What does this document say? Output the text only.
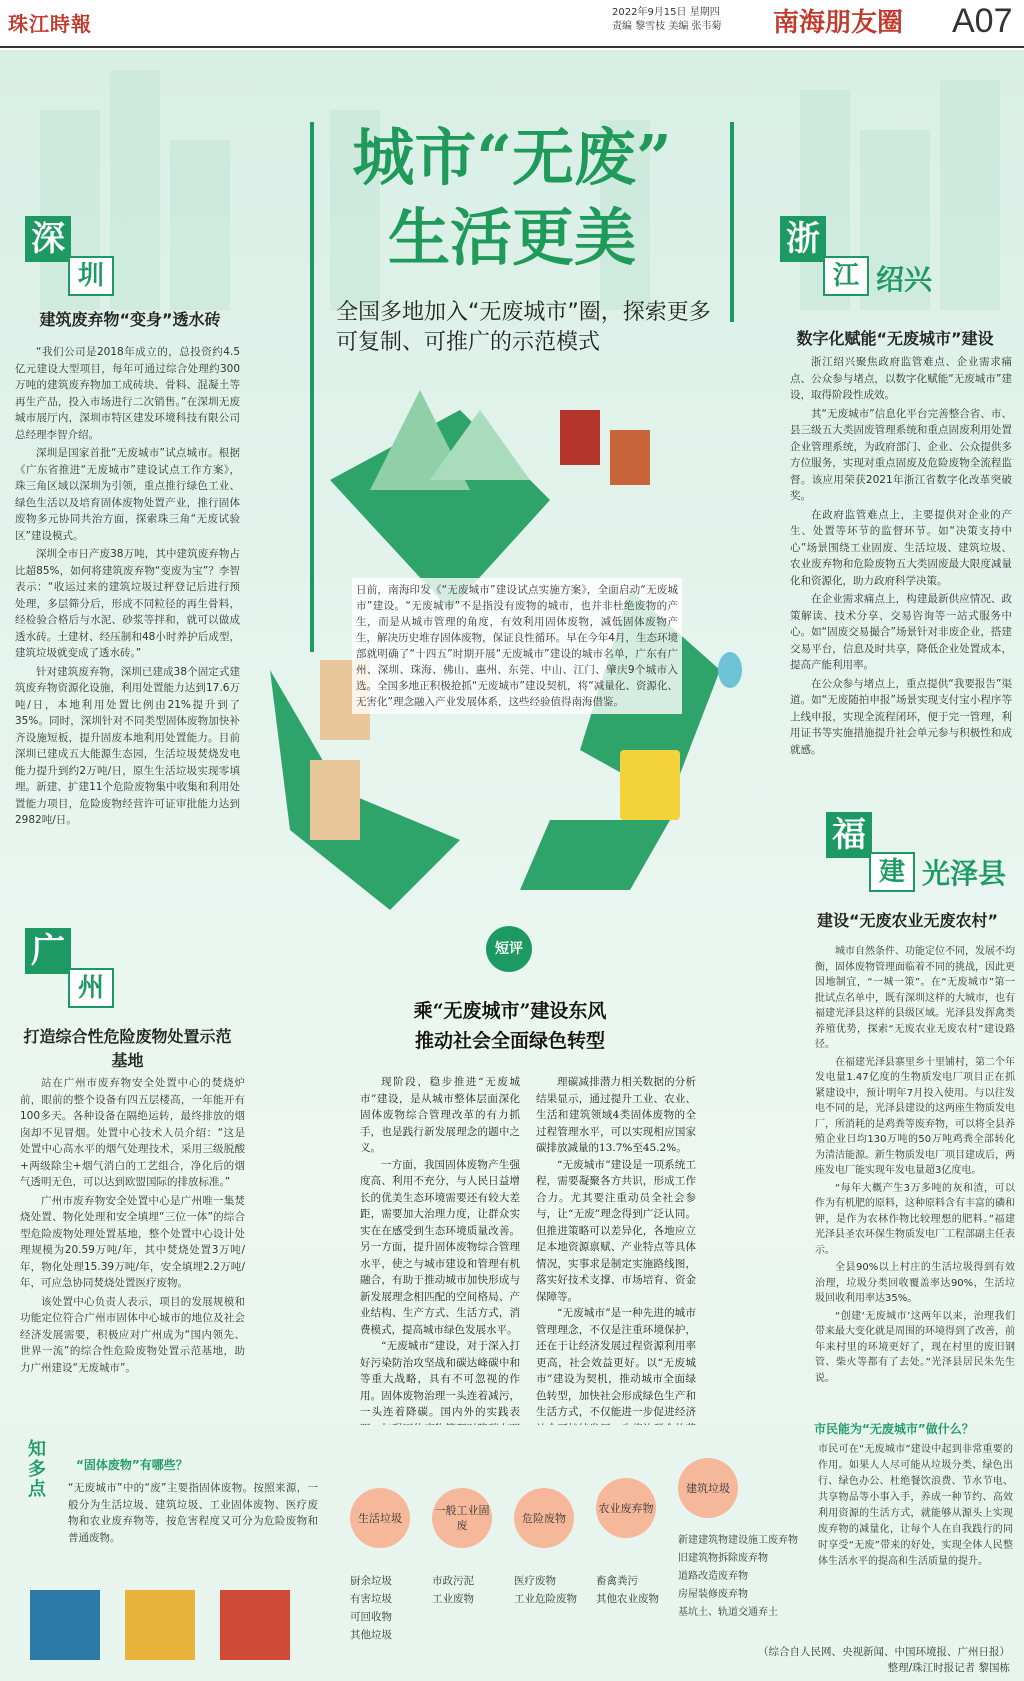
珠江時報	2022年9月15日 星期四
责编 黎雪枝 美编 张韦菊	南海朋友圈 A07
城市“无废”
生活更美
全国多地加入“无废城市”圈，探索更多可复制、可推广的示范模式
深
圳
建筑废弃物“变身”透水砖

“我们公司是2018年成立的，总投资约4.5亿元建设大型项目，每年可通过综合处理约300万吨的建筑废弃物加工成砖块、骨料、混凝土等再生产品，投入市场进行二次销售。”在深圳无废城市展厅内，深圳市特区建发环境科技有限公司总经理李智介绍。

深圳是国家首批“无废城市”试点城市。根据《广东省推进“无废城市”建设试点工作方案》，珠三角区域以深圳为引领，重点推行绿色工业、绿色生活以及培育固体废物处置产业，推行固体废物多元协同共治方面，探索珠三角“无废试验区”建设模式。

深圳全市日产废38万吨，其中建筑废弃物占比超85%，如何将建筑废弃物“变废为宝”？李智表示：“收运过来的建筑垃圾过秤登记后进行预处理，多层筛分后，形成不同粒径的再生骨料，经检验合格后与水泥、砂浆等拌和，就可以做成透水砖。土建材、经压制和48小时养护后成型，建筑垃圾就变成了透水砖。”

针对建筑废弃物，深圳已建成38个固定式建筑废弃物资源化设施，利用处置能力达到17.6万吨/日，本地利用处置比例由21%提升到了35%。同时，深圳针对不同类型固体废物加快补齐设施短板，提升固废本地利用处置能力。目前深圳已建成五大能源生态园，生活垃圾焚烧发电能力提升到约2万吨/日，原生生活垃圾实现零填埋。新建、扩建11个危险废物集中收集和利用处置能力项目，危险废物经营许可证审批能力达到2982吨/日。

广
州
打造综合性危险废物处置示范基地

站在广州市废弃物安全处置中心的焚烧炉前，眼前的整个设备有四五层楼高，一年能开有100多天。各种设备在隔绝运转，最终排放的烟囱却不见冒烟。处置中心技术人员介绍：“这是处置中心高水平的烟气处理技术，采用三级脱酸+两级除尘+烟气消白的工艺组合，净化后的烟气透明无色，可以达到欧盟国际的排放标准。”

广州市废弃物安全处置中心是广州唯一集焚烧处置、物化处理和安全填埋“三位一体”的综合型危险废物处理处置基地，整个处置中心设计处理规模为20.59万吨/年，其中焚烧处置3万吨/年，物化处理15.39万吨/年，安全填埋2.2万吨/年，可应急协同焚烧处置医疗废物。

该处置中心负责人表示，项目的发展规模和功能定位符合广州市固体中心城市的地位及社会经济发展需要，积极应对广州成为“国内领先、世界一流”的综合性危险废物处置示范基地，助力广州建设“无废城市”。

浙
江 绍兴
数字化赋能“无废城市”建设

浙江绍兴聚焦政府监管难点、企业需求痛点、公众参与堵点，以数字化赋能“无废城市”建设，取得阶段性成效。

其“无废城市”信息化平台完善整合省、市、县三级五大类固废管理系统和重点固废利用处置企业管理系统，为政府部门、企业、公众提供多方位服务，实现对重点固废及危险废物全流程监督。该应用荣获2021年浙江省数字化改革突破奖。

在政府监管难点上，主要提供对企业的产生、处置等环节的监督环节。如“决策支持中心”场景围绕工业固废、生活垃圾、建筑垃圾、农业废弃物和危险废物五大类固废最大限度减量化和资源化，助力政府科学决策。

在企业需求痛点上，构建最新供应情况、政策解读、技术分享、交易咨询等一站式服务中心。如“固废交易撮合”场景针对非废企业，搭建交易平台，信息及时共享，降低企业处置成本，提高产能利用率。

在公众参与堵点上，重点提供“我要报告”渠道。如“无废随拍申报”场景实现支付宝小程序等上线申报，实现全流程闭环，便于完一管理，利用证书等实施措施提升社会单元参与积极性和成就感。

福
建 光泽县
建设“无废农业无废农村”

城市自然条件、功能定位不同，发展不均衡，固体废物管理面临着不同的挑战，因此更因地制宜，“一城一策”。在“无废城市”第一批试点名单中，既有深圳这样的大城市，也有福建光泽县这样的县级区域。光泽县发挥禽类养殖优势，探索“无废农业无废农村”建设路径。

在福建光泽县寨里乡十里铺村，第二个年发电量1.47亿度的生物质发电厂项目正在抓紧建设中，预计明年7月投入使用。与以往发电不同的是，光泽县建设的这两座生物质发电厂，所消耗的是鸡粪等废弃物，可以将全县养殖企业日均130万吨的50万吨鸡粪全部转化为清洁能源。新生物质发电厂项目建成后，两座发电厂能实现年发电量超3亿度电。

“每年大概产生3万多吨的灰和渣，可以作为有机肥的原料，这种原料含有丰富的磷和钾，是作为农林作物比较理想的肥料。”福建光泽县圣农环保生物质发电厂工程部副主任表示。

全县90%以上村庄的生活垃圾得到有效治理，垃圾分类回收覆盖率达90%，生活垃圾回收利用率达35%。

“创建‘无废城市’这两年以来，治理我们带来最大变化就是周围的环境得到了改善，前年来村里的环境更好了，现在村里的废旧钢管、柴火等都有了去处。”光泽县居民朱先生说。

日前，南海印发《“无废城市”建设试点实施方案》，全面启动“无废城市”建设。“无废城市”不是指没有废物的城市，也并非杜绝废物的产生，而是从城市管理的角度，有效利用固体废物，减低固体废物产生，解决历史堆存固体废物，保证良性循环。早在今年4月，生态环境部就明确了“十四五”时期开展“无废城市”建设的城市名单，广东有广州、深圳、珠海、佛山、惠州、东莞、中山、江门、肇庆9个城市入选。全国多地正积极抢抓“无废城市”建设契机，将“减量化、资源化、无害化”理念融入产业发展体系，这些经验值得南海借鉴。
短评
乘“无废城市”建设东风
推动社会全面绿色转型

现阶段，稳步推进“无废城市”建设，是从城市整体层面深化固体废物综合管理改革的有力抓手，也是践行新发展理念的题中之义。

一方面，我国固体废物产生强度高、利用不充分，与人民日益增长的优美生态环境需要还有较大差距，需要加大治理力度，让群众实实在在感受到生态环境质量改善。另一方面，提升固体废物综合管理水平，使之与城市建设和管理有机融合，有助于推动城市加快形成与新发展理念相匹配的空间格局、产业结构、生产方式、生活方式，消费模式，提高城市绿色发展水平。

“无废城市”建设，对于深入打好污染防治攻坚战和碳达峰碳中和等重大战略，具有不可忽视的作用。固体废物治理一头连着减污，一头连着降碳。国内外的实践表

理碳减排潜力相关数据的分析结果显示，通过提升工业、农业、生活和建筑领域4类固体废物的全过程管理水平，可以实现相应国家碳排放减量的13.7%至45.2%。

“无废城市”建设是一项系统工程，需要凝聚各方共识，形成工作合力。尤其要注重动员全社会参与，让“无废”理念得到广泛认同。但推进策略可以差异化，各地应立足本地资源禀赋、产业特点等具体情况，实事求是制定实施路线图，落实好技术支撑、市场培育、资金保障等。

“无废城市”是一种先进的城市管理理念，不仅是注重环境保护，还在于让经济发展过程资源利用率更高，社会效益更好。以“无废城市”建设为契机，推动城市全面绿色转型，加快社会形成绿色生产和生活方式，不仅能进一步促进经济

知多点
“固体废物”有哪些？
“无废城市”中的“废”主要指固体废物。按照来源，一般分为生活垃圾、建筑垃圾、工业固体废物、医疗废物和农业废弃物等，按危害程度又可分为危险废物和普通废物。
市民能为“无废城市”做什么？
市民可在“无废城市”建设中起到非常重要的作用。如果人人尽可能从垃圾分类、绿色出行、绿色办公、杜绝餐饮浪费、节水节电、共享物品等小事入手，养成一种节约、高效利用资源的生活方式，就能够从源头上实现废弃物的减量化，让每个人在自我践行的同时享受“无废”带来的好处，实现全体人民整体生活水平的提高和生活质量的提升。
生活垃圾
一般工业固废
危险废物
农业废弃物
建筑垃圾
厨余垃圾
有害垃圾
可回收物
其他垃圾
市政污泥
工业废物
医疗废物
工业危险废物
畜禽粪污
其他农业废物
新建建筑物建设施工废弃物
旧建筑物拆除废弃物
道路改造废弃物
房屋装修废弃物
基坑土、轨道交通弃土
（综合自人民网、央视新闻、中国环境报、广州日报）
整理/珠江时报记者 黎国栋
